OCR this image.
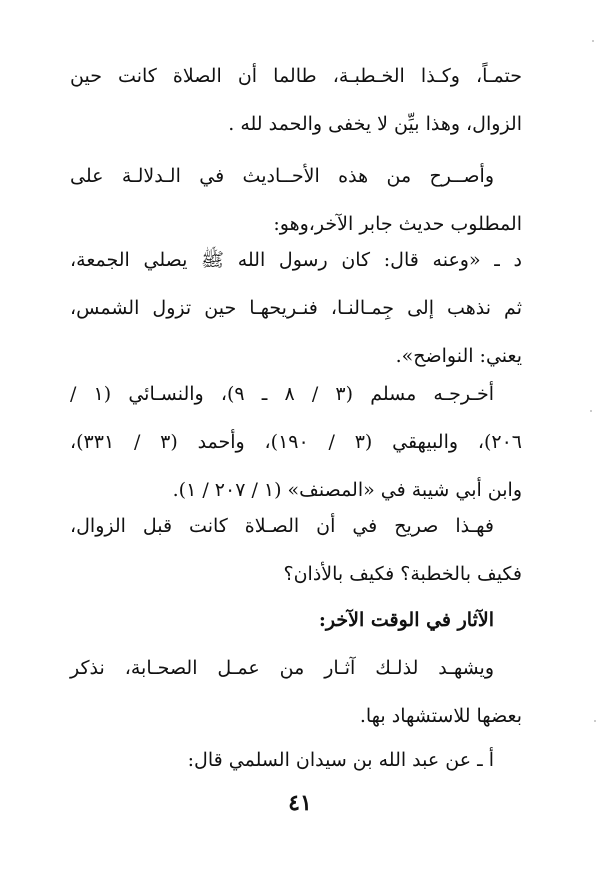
حتمـاً، وكـذا الخـطبـة، طالما أن الصلاة كانت حين
الزوال، وهذا بيِّن لا يخفى والحمد لله .
وأصــرح من هذه الأحــاديث في الـدلالـة على
المطلوب حديث جابر الآخر،وهو:
د ـ «وعنه قال: كان رسول الله ﷺ يصلي الجمعة،
ثم نذهب إلى جِمـالنـا، فنـريحهـا حين تزول الشمس،
يعني: النواضح».
أخـرجـه مسلم (٣ / ٨ ـ ٩)، والنسـائي (١ /
٢٠٦)، والبيهقي (٣ / ١٩٠)، وأحمد (٣ / ٣٣١)،
وابن أبي شيبة في «المصنف» (١ / ٢٠٧ / ١).
فهـذا صريح في أن الصـلاة كانت قبل الزوال،
فكيف بالخطبة؟ فكيف بالأذان؟
الآثار في الوقت الآخر:
ويشهـد لذلـك آثـار من عمـل الصحـابة، نذكر
بعضها للاستشهاد بها.
أ ـ عن عبد الله بن سيدان السلمي قال:
٤١
